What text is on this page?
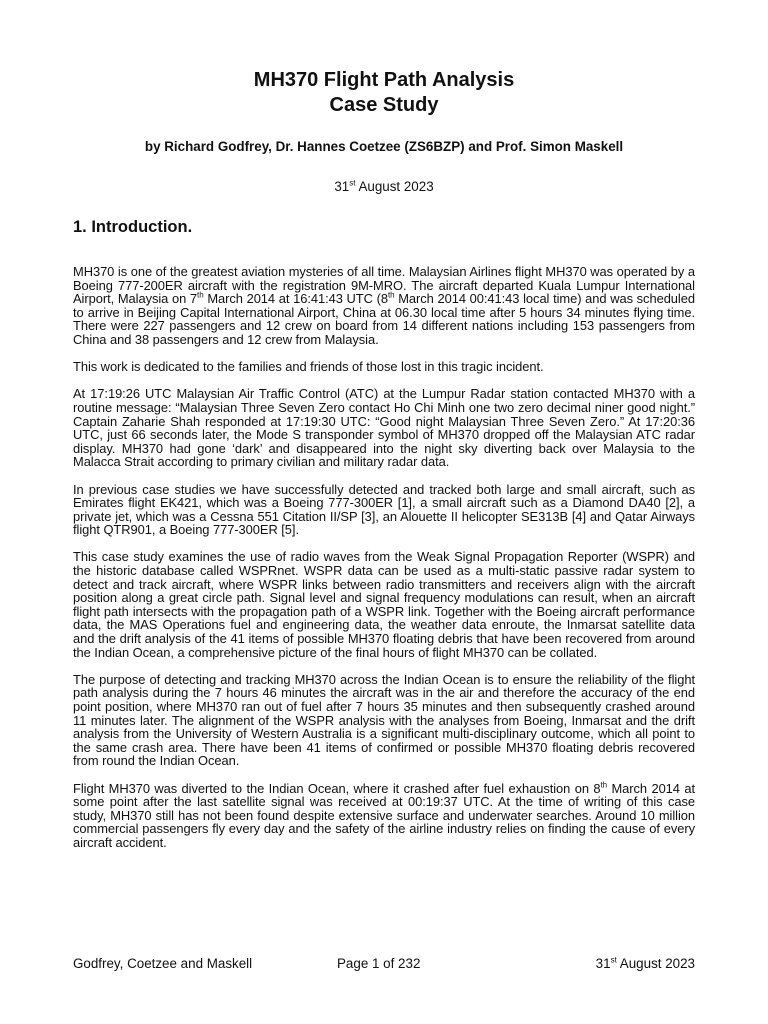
MH370 Flight Path Analysis
Case Study
by Richard Godfrey, Dr. Hannes Coetzee (ZS6BZP) and Prof. Simon Maskell
31st August 2023
1. Introduction.

MH370 is one of the greatest aviation mysteries of all time. Malaysian Airlines flight MH370 was operated by a Boeing 777-200ER aircraft with the registration 9M-MRO. The aircraft departed Kuala Lumpur International Airport, Malaysia on 7th March 2014 at 16:41:43 UTC (8th March 2014 00:41:43 local time) and was scheduled to arrive in Beijing Capital International Airport, China at 06.30 local time after 5 hours 34 minutes flying time. There were 227 passengers and 12 crew on board from 14 different nations including 153 passengers from China and 38 passengers and 12 crew from Malaysia.

This work is dedicated to the families and friends of those lost in this tragic incident.

At 17:19:26 UTC Malaysian Air Traffic Control (ATC) at the Lumpur Radar station contacted MH370 with a routine message: “Malaysian Three Seven Zero contact Ho Chi Minh one two zero decimal niner good night.” Captain Zaharie Shah responded at 17:19:30 UTC: “Good night Malaysian Three Seven Zero.” At 17:20:36 UTC, just 66 seconds later, the Mode S transponder symbol of MH370 dropped off the Malaysian ATC radar display. MH370 had gone ‘dark’ and disappeared into the night sky diverting back over Malaysia to the Malacca Strait according to primary civilian and military radar data.

In previous case studies we have successfully detected and tracked both large and small aircraft, such as Emirates flight EK421, which was a Boeing 777-300ER [1], a small aircraft such as a Diamond DA40 [2], a private jet, which was a Cessna 551 Citation II/SP [3], an Alouette II helicopter SE313B [4] and Qatar Airways flight QTR901, a Boeing 777-300ER [5].

This case study examines the use of radio waves from the Weak Signal Propagation Reporter (WSPR) and the historic database called WSPRnet. WSPR data can be used as a multi-static passive radar system to detect and track aircraft, where WSPR links between radio transmitters and receivers align with the aircraft position along a great circle path. Signal level and signal frequency modulations can result, when an aircraft flight path intersects with the propagation path of a WSPR link. Together with the Boeing aircraft performance data, the MAS Operations fuel and engineering data, the weather data enroute, the Inmarsat satellite data and the drift analysis of the 41 items of possible MH370 floating debris that have been recovered from around the Indian Ocean, a comprehensive picture of the final hours of flight MH370 can be collated.

The purpose of detecting and tracking MH370 across the Indian Ocean is to ensure the reliability of the flight path analysis during the 7 hours 46 minutes the aircraft was in the air and therefore the accuracy of the end point position, where MH370 ran out of fuel after 7 hours 35 minutes and then subsequently crashed around 11 minutes later. The alignment of the WSPR analysis with the analyses from Boeing, Inmarsat and the drift analysis from the University of Western Australia is a significant multi-disciplinary outcome, which all point to the same crash area. There have been 41 items of confirmed or possible MH370 floating debris recovered from round the Indian Ocean.

Flight MH370 was diverted to the Indian Ocean, where it crashed after fuel exhaustion on 8th March 2014 at some point after the last satellite signal was received at 00:19:37 UTC. At the time of writing of this case study, MH370 still has not been found despite extensive surface and underwater searches. Around 10 million commercial passengers fly every day and the safety of the airline industry relies on finding the cause of every aircraft accident.

Godfrey, Coetzee and Maskell	Page 1 of 232	31st August 2023
